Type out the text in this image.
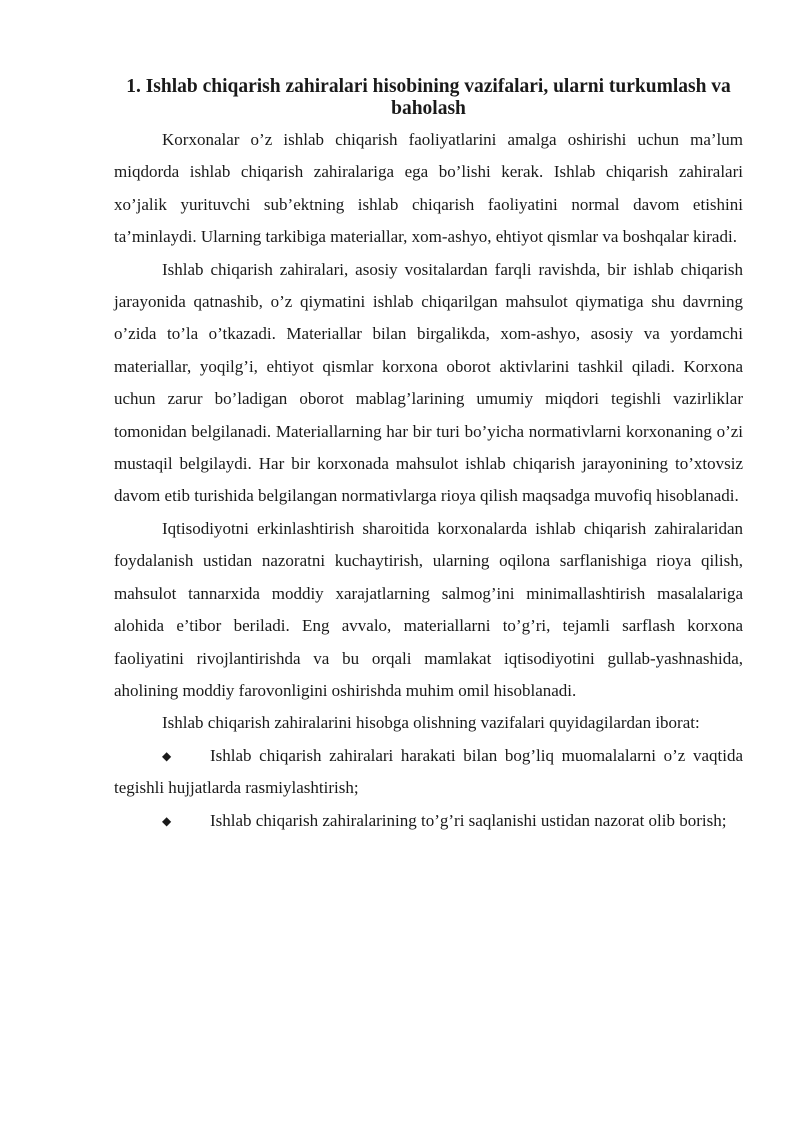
1. Ishlab chiqarish zahiralari hisobining vazifalari, ularni turkumlash va baholash

Korxonalar o’z ishlab chiqarish faoliyatlarini amalga oshirishi uchun ma’lum miqdorda ishlab chiqarish zahiralariga ega bo’lishi kerak. Ishlab chiqarish zahiralari xo’jalik yurituvchi sub’ektning ishlab chiqarish faoliyatini normal davom etishini ta’minlaydi. Ularning tarkibiga materiallar, xom-ashyo, ehtiyot qismlar va boshqalar kiradi.

Ishlab chiqarish zahiralari, asosiy vositalardan farqli ravishda, bir ishlab chiqarish jarayonida qatnashib, o’z qiymatini ishlab chiqarilgan mahsulot qiymatiga shu davrning o’zida to’la o’tkazadi. Materiallar bilan birgalikda, xom-ashyo, asosiy va yordamchi materiallar, yoqilg’i, ehtiyot qismlar korxona oborot aktivlarini tashkil qiladi. Korxona uchun zarur bo’ladigan oborot mablag’larining umumiy miqdori tegishli vazirliklar tomonidan belgilanadi. Materiallarning har bir turi bo’yicha normativlarni korxonaning o’zi mustaqil belgilaydi. Har bir korxonada mahsulot ishlab chiqarish jarayonining to’xtovsiz davom etib turishida belgilangan normativlarga rioya qilish maqsadga muvofiq hisoblanadi.

Iqtisodiyotni erkinlashtirish sharoitida korxonalarda ishlab chiqarish zahiralaridan foydalanish ustidan nazoratni kuchaytirish, ularning oqilona sarflanishiga rioya qilish, mahsulot tannarxida moddiy xarajatlarning salmog’ini minimallashtirish masalalariga alohida e’tibor beriladi. Eng avvalo, materiallarni to’g’ri, tejamli sarflash korxona faoliyatini rivojlantirishda va bu orqali mamlakat iqtisodiyotini gullab-yashnashida, aholining moddiy farovonligini oshirishda muhim omil hisoblanadi.

Ishlab chiqarish zahiralarini hisobga olishning vazifalari quyidagilardan iborat:

◆ Ishlab chiqarish zahiralari harakati bilan bog’liq muomalalarni o’z vaqtida tegishli hujjatlarda rasmiylashtirish;

◆ Ishlab chiqarish zahiralarining to’g’ri saqlanishi ustidan nazorat olib borish;
